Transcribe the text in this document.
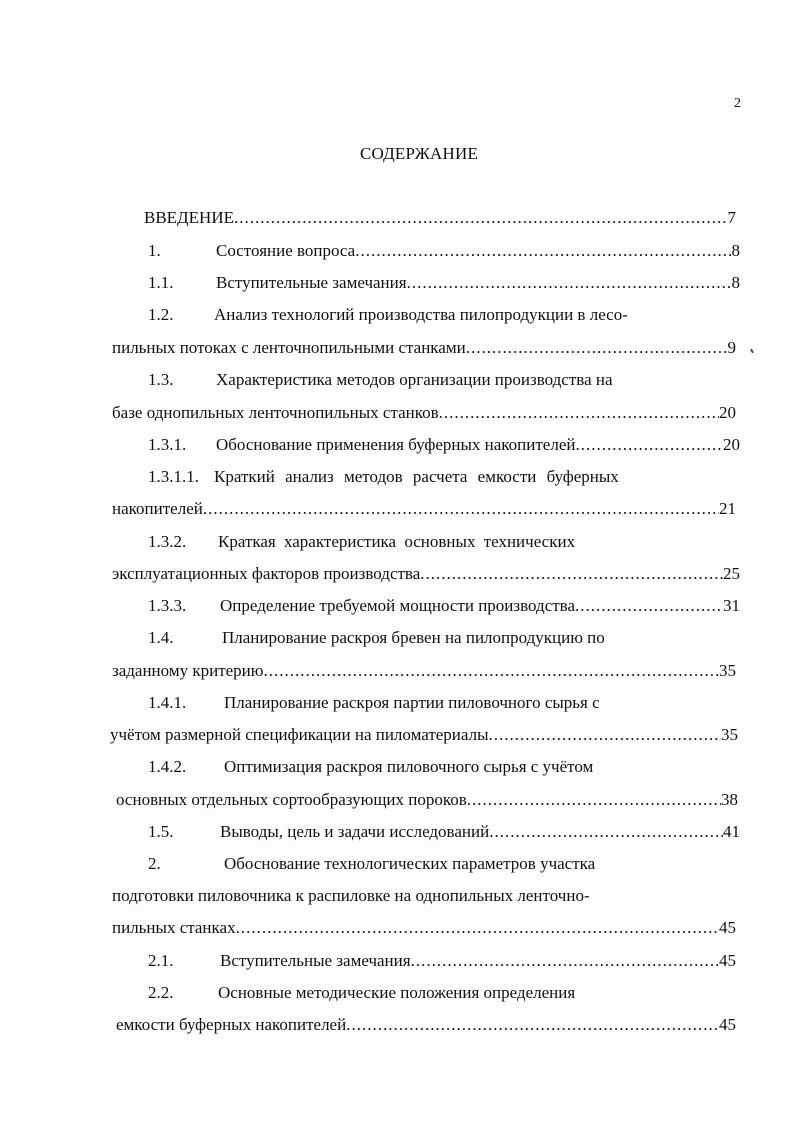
2
СОДЕРЖАНИЕ
ВВЕДЕНИЕ .....	7
1.	Состояние вопроса .....	8
1.1.	Вступительные замечания .....	8
1.2. Анализ технологий производства пилопродукции в лесо-
пильных потоках с ленточнопильными станками .....	9
1.3.	Характеристика методов организации производства на
базе однопильных ленточнопильных станков .....	20
1.3.1. Обоснование применения буферных накопителей .....	20
1.3.1.1. Краткий анализ методов расчета емкости буферных
накопителей .....	21
1.3.2. Краткая характеристика основных технических
эксплуатационных факторов производства .....	25
1.3.3. Определение требуемой мощности производства .....	31
1.4.	Планирование раскроя бревен на пилопродукцию по
заданному критерию .....	35
1.4.1. Планирование раскроя партии пиловочного сырья с
учётом размерной спецификации на пиломатериалы .....	35
1.4.2. Оптимизация раскроя пиловочного сырья с учётом
основных отдельных сортообразующих пороков .....	38
1.5.	Выводы, цель и задачи исследований .....	41
2.	Обоснование технологических параметров участка
подготовки пиловочника к распиловке на однопильных ленточно-
пильных станках .....	45
2.1.	Вступительные замечания .....	45
2.2.	Основные методические положения определения
емкости буферных накопителей .....	45
